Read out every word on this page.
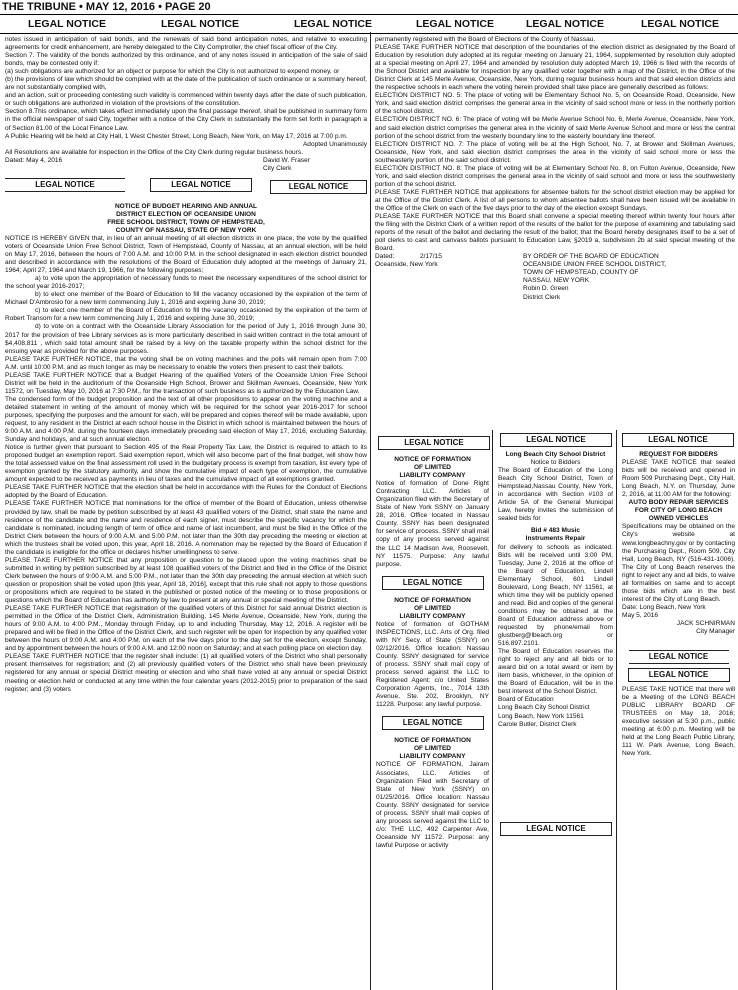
THE TRIBUNE • MAY 12, 2016 • PAGE 20
LEGAL NOTICE	LEGAL NOTICE	LEGAL NOTICE	LEGAL NOTICE	LEGAL NOTICE	LEGAL NOTICE

notes issued in anticipation of said bonds, and the renewals of said bond anticipation notes, and relative to executing agreements for credit enhancement, are hereby delegated to the City Comptroller, the chief fiscal officer of the City.

Section 7. The validity of the bonds authorized by this ordinance, and of any notes issued in anticipation of the sale of said bonds, may be contested only if:

(a) such obligations are authorized for an object or purpose for which the City is not authorized to expend money, or

(b) the provisions of law which should be complied with at the date of the publication of such ordinance or a summary hereof, are not substantially complied with,

and an action, suit or proceeding contesting such validity is commenced within twenty days after the date of such publication, or such obligations are authorized in violation of the provisions of the constitution.

Section 8.This ordinance, which takes effect immediately upon the final passage thereof, shall be published in summary form in the official newspaper of said City, together with a notice of the City Clerk in substantially the form set forth in paragraph a of Section 81.00 of the Local Finance Law.

A Public Hearing will be held at City Hall, 1 West Chester Street, Long Beach, New York, on May 17, 2016 at 7:00 p.m.

Adopted Unanimously

All Resolutions are available for inspection in the Office of the City Clerk during regular business hours.

Dated: May 4, 2016	David W. Fraser

City Clerk

LEGAL NOTICE	LEGAL NOTICE	LEGAL NOTICE

NOTICE OF BUDGET HEARING AND ANNUAL

DISTRICT ELECTION OF OCEANSIDE UNION

FREE SCHOOL DISTRICT, TOWN OF HEMPSTEAD,

COUNTY OF NASSAU, STATE OF NEW YORK

NOTICE IS HEREBY GIVEN that, in lieu of an annual meeting of all election districts in one place, the vote by the qualified voters of Oceanside Union Free School District, Town of Hempstead, County of Nassau, at an annual election, will be held on May 17, 2016, between the hours of 7:00 A.M. and 10:00 P.M. in the school designated in each election district bounded and described in accordance with the resolutions of the Board of Education duly adopted at the meetings of January 21, 1964; April 27, 1964 and March 19, 1966, for the following purposes:

a) to vote upon the appropriation of necessary funds to meet the necessary expenditures of the school district for the school year 2016-2017;

b) to elect one member of the Board of Education to fill the vacancy occasioned by the expiration of the term of Michael D'Ambrosio for a new term commencing July 1, 2016 and expiring June 30, 2019;

c) to elect one member of the Board of Education to fill the vacancy occasioned by the expiration of the term of Robert Transom for a new term commencing July 1, 2016 and expiring June 30, 2019;

d) to vote on a contract with the Oceanside Library Association for the period of July 1, 2016 through June 30, 2017 for the provision of free Library services as is more particularly described in said written contract in the total amount of $4,408,811 , which said total amount shall be raised by a levy on the taxable property within the school district for the ensuing year as provided for the above purposes.

PLEASE TAKE FURTHER NOTICE, that the voting shall be on voting machines and the polls will remain open from 7:00 A.M. until 10:00 P.M. and as much longer as may be necessary to enable the voters then present to cast their ballots.

PLEASE TAKE FURTHER NOTICE that a Budget Hearing of the qualified Voters of the Oceanside Union Free School District will be held in the auditorium of the Oceanside High School, Brower and Skillman Avenues, Oceanside, New York 11572, on Tuesday, May 10, 2016 at 7:30 P.M., for the transaction of such business as is authorized by the Education Law.

The condensed form of the budget proposition and the text of all other propositions to appear on the voting machine and a detailed statement in writing of the amount of money which will be required for the school year 2016-2017 for school purposes, specifying the purposes and the amount for each, will be prepared and copies thereof will be made available, upon request, to any resident in the District at each school house in the District in which school is maintained between the hours of 9:00 A.M. and 4:00 P.M. during the fourteen days immediately preceding said election of May 17, 2016, excluding Saturday, Sunday and holidays, and at such annual election.

Notice is further given that pursuant to Section 495 of the Real Property Tax Law, the District is required to attach to its proposed budget an exemption report. Said exemption report, which will also become part of the final budget, will show how the total assessed value on the final assessment roll used in the budgetary process is exempt from taxation, list every type of exemption granted by the statutory authority, and show the cumulative impact of each type of exemption, the cumulative amount expected to be received as payments in lieu of taxes and the cumulative impact of all exemptions granted.

PLEASE TAKE FURTHER NOTICE that the election shall be held in accordance with the Rules for the Conduct of Elections adopted by the Board of Education.

PLEASE TAKE FURTHER NOTICE that nominations for the office of member of the Board of Education, unless otherwise provided by law, shall be made by petition subscribed by at least 43 qualified voters of the District, shall state the name and residence of the candidate and the name and residence of each signer, must describe the specific vacancy for which the candidate is nominated, including length of term of office and name of last incumbent, and must be filed in the Office of the District Clerk between the hours of 9:00 A.M. and 5:00 P.M. not later than the 30th day preceding the meeting or election at which the trustees shall be voted upon, this year, April 18, 2016. A nomination may be rejected by the Board of Education if the candidate is ineligible for the office or declares his/her unwillingness to serve.

PLEASE TAKE FURTHER NOTICE that any proposition or question to be placed upon the voting machines shall be submitted in writing by petition subscribed by at least 108 qualified voters of the District and filed in the Office of the District Clerk between the hours of 9:00 A.M. and 5:00 P.M., not later than the 30th day preceding the annual election at which such question or proposition shall be voted upon [this year, April 18, 2016], except that this rule shall not apply to those questions or propositions which are required to be stated in the published or posted notice of the meeting or to those propositions or questions which the Board of Education has authority by law to present at any annual or special meeting of the District.

PLEASE TAKE FURTHER NOTICE that registration of the qualified voters of this District for said annual District election is permitted in the Office of the District Clerk, Administration Building, 145 Merle Avenue, Oceanside, New York, during the hours of 9:00 A.M. to 4:00 P.M., Monday through Friday, up to and including Thursday, May 12, 2016. A register will be prepared and will be filed in the Office of the District Clerk, and such register will be open for inspection by any qualified voter between the hours of 9:00 A.M. and 4:00 P.M. on each of the five days prior to the day set for the election, except Sunday, and by appointment between the hours of 9:00 A.M. and 12:00 noon on Saturday; and at each polling place on election day.

PLEASE TAKE FURTHER NOTICE that the register shall include: (1) all qualified voters of the District who shall personally present themselves for registration; and (2) all previously qualified voters of the District who shall have been previously registered for any annual or special District meeting or election and who shall have voted at any annual or special District meeting or election held or conducted at any time within the four calendar years (2012-2015) prior to preparation of the said register; and (3) voters

permanently registered with the Board of Elections of the County of Nassau.

PLEASE TAKE FURTHER NOTICE that description of the boundaries of the election district as designated by the Board of Education by resolution duly adopted at its regular meeting on January 21, 1964, supplemented by resolution duly adopted at a special meeting on April 27, 1964 and amended by resolution duly adopted March 19, 1966 is filed with the records of the School District and available for inspection by any qualified voter together with a map of the District, in the Office of the District Clerk at 145 Merle Avenue, Oceanside, New York, during regular business hours and that said election districts and the respective schools in each where the voting herein provided shall take place are generally described as follows:

ELECTION DISTRICT NO. 5: The place of voting will be Elementary School No. 5, on Oceanside Road, Oceanside, New York, and said election district comprises the general area in the vicinity of said school more or less in the northerly portion of the school district.

ELECTION DISTRICT NO. 6: The place of voting will be Merle Avenue School No. 6, Merle Avenue, Oceanside, New York, and said election district comprises the general area in the vicinity of said Merle Avenue School and more or less the central portion of the school district from the westerly boundary line to the easterly boundary line thereof.

ELECTION DISTRICT NO. 7: The place of voting will be at the High School, No. 7, at Brower and Skillman Avenues, Oceanside, New York, and said election district comprises the area in the vicinity of said school more or less the southeasterly portion of the said school district.

ELECTION DISTRICT NO. 8: The place of voting will be at Elementary School No. 8, on Fulton Avenue, Oceanside, New York, and said election district comprises the general area in the vicinity of said school and more or less the southwesterly portion of the school district.

PLEASE TAKE FURTHER NOTICE that applications for absentee ballots for the school district election may be applied for at the Office of the District Clerk. A list of all persons to whom absentee ballots shall have been issued will be available in the Office of the Clerk on each of the five days prior to the day of the election except Sundays.

PLEASE TAKE FURTHER NOTICE that this Board shall convene a special meeting thereof within twenty four hours after the filing with the District Clerk of a written report of the results of the ballot for the purpose of examining and tabulating said reports of the result of the ballot and declaring the result of the ballot; that the Board hereby designates itself to be a set of poll clerks to cast and canvass ballots pursuant to Education Law, §2019 a, subdivision 2b at said special meeting of the Board.

Dated:	2/17/15
Oceanside, New York
BY ORDER OF THE BOARD OF EDUCATION
OCEANSIDE UNION FREE SCHOOL DISTRICT,
TOWN OF HEMPSTEAD, COUNTY OF
NASSAU, NEW YORK
Robin D. Green
District Clerk
LEGAL NOTICE

NOTICE OF FORMATION

OF LIMITED

LIABILITY COMPANY

Notice of formation of Done Right Contracting LLC. Articles of Organization filed with the Secretary of State of New York SSNY on January 28, 2016. Office located in Nassau County. SSNY has been designated for service of process. SSNY shall mail copy of any process served against the LLC 14 Madison Ave, Roosevelt, NY 11575. Purpose: Any lawful purpose.

LEGAL NOTICE

NOTICE OF FORMATION

OF LIMITED

LIABILITY COMPANY

Notice of formation of GOTHAM INSPECTIONS, LLC. Arts of Org. filed with NY Secy. of State (SSNY) on 02/12/2016. Office location: Nassau County. SSNY designated for service of process. SSNY shall mail copy of process served against the LLC to Registered Agent: c/o United States Corporation Agents, Inc., 7014 13th Avenue, Ste. 202, Brooklyn, NY 11228. Purpose: any lawful purpose.

LEGAL NOTICE

NOTICE OF FORMATION

OF LIMITED

LIABILITY COMPANY

NOTICE OF FORMATION, Jairam Associates, LLC. Articles of Organization Filed with Secretary of State of New York (SSNY) on 01/25/2016. Office location: Nassau County. SSNY designated for service of process. SSNY shall mail copies of any process served against the LLC to c/o: THE LLC, 492 Carpenter Ave, Oceanside NY 11572. Purpose: any lawful Purpose or activity

LEGAL NOTICE

Long Beach City School District

Notice to Bidders

The Board of Education of the Long Beach City School District, Town of Hempstead,Nassau County, New York, in accordance with Section #103 of Article 5A of the General Municipal Law, hereby invites the submission of sealed bids for

Bid # 483 Music

Instruments Repair

for delivery to schools as indicated. Bids will be received until 3:00 PM, Tuesday, June 2, 2016 at the office of the Board of Education, Lindell Elementary School, 601 Lindell Boulevard, Long Beach, NY 11561, at which time they will be publicly opened and read. Bid and copies of the general conditions may be obtained at the Board of Education address above or requested by phone/email from glustberg@lbeach.org or 516.897.2101.

The Board of Education reserves the right to reject any and all bids or to award bid on a total award or item by item basis, whichever, in the opinion of the Board of Education, will be in the best interest of the School District.

Board of Education

Long Beach City School District

Long Beach, New York 11561

Carole Butler, District Clerk

LEGAL NOTICE
LEGAL NOTICE

REQUEST FOR BIDDERS

PLEASE TAKE NOTICE that sealed bids will be received and opened in Room 509 Purchasing Dept., City Hall, Long Beach, N.Y. on Thursday, June 2, 2016, at 11:00 AM for the following:

AUTO BODY REPAIR SERVICES FOR CITY OF LONG BEACH OWNED VEHICLES

Specifications may be obtained on the City's website at www.longbeachny.gov or by contacting the Purchasing Dept., Room 509, City Hall, Long Beach, NY (516-431-1006). The City of Long Beach reserves the right to reject any and all bids, to waive all formalities on same and to accept those bids which are in the best interest of the City of Long Beach.

Date: Long Beach, New York

May 5, 2016

JACK SCHNIRMAN

City Manager

LEGAL NOTICE
LEGAL NOTICE

PLEASE TAKE NOTICE that there will be a Meeting of the LONG BEACH PUBLIC LIBRARY BOARD OF TRUSTEES on May 18, 2016; executive session at 5:30 p.m., public meeting at 6:00 p.m. Meeting will be held at the Long Beach Public Library, 111 W. Park Avenue, Long Beach, New York.
